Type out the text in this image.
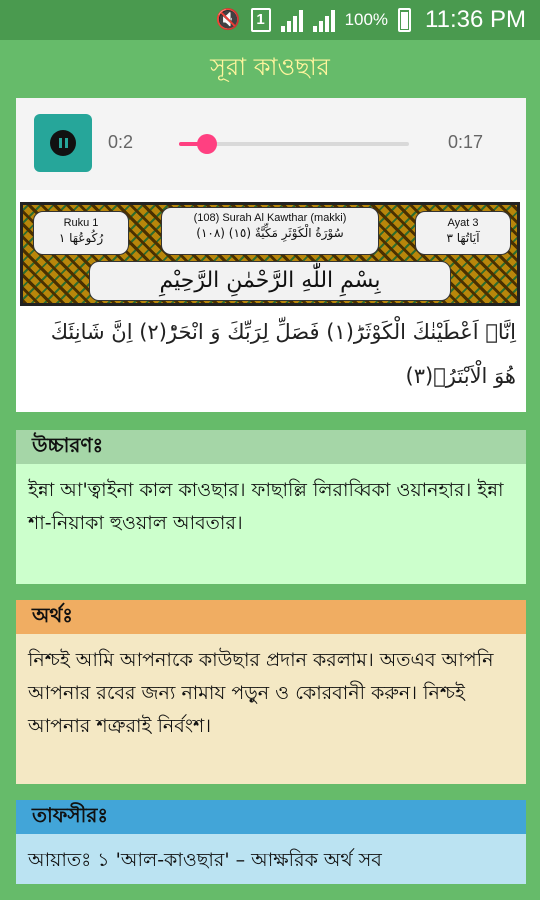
🔇	1	100% 11:36 PM
সূরা কাওছার
0:2	0:17
Ruku 1
رُكُوعُهَا ١
(108) Surah Al Kawthar (makki)
(١٠٨) سُوْرَةُ الْكَوْثَرِ مَكِّيَّةٌ (١٥)
Ayat 3
آيَاتُهَا ٣
بِسْمِ اللّٰهِ الرَّحْمٰنِ الرَّحِيْمِ
اِنَّاۤ اَعْطَيْنٰكَ الْكَوْثَرَؕ(١) فَصَلِّ لِرَبِّكَ وَ انْحَرْؕ(٢) اِنَّ شَانِئَكَ هُوَ الْاَبْتَرُ۠(٣)
উচ্চারণঃ
ইন্না আ'ত্বাইনা কাল কাওছার। ফাছাল্লি লিরাব্বিকা ওয়ানহার। ইন্না শা-নিয়াকা হুওয়াল আবতার।
অর্থঃ
নিশ্চই আমি আপনাকে কাউছার প্রদান করলাম। অতএব আপনি আপনার রবের জন্য নামায পড়ুন ও কোরবানী করুন। নিশ্চই আপনার শত্রুরাই নির্বংশ।
তাফসীরঃ
আয়াতঃ ১ 'আল-কাওছার' – আক্ষরিক অর্থ সব
